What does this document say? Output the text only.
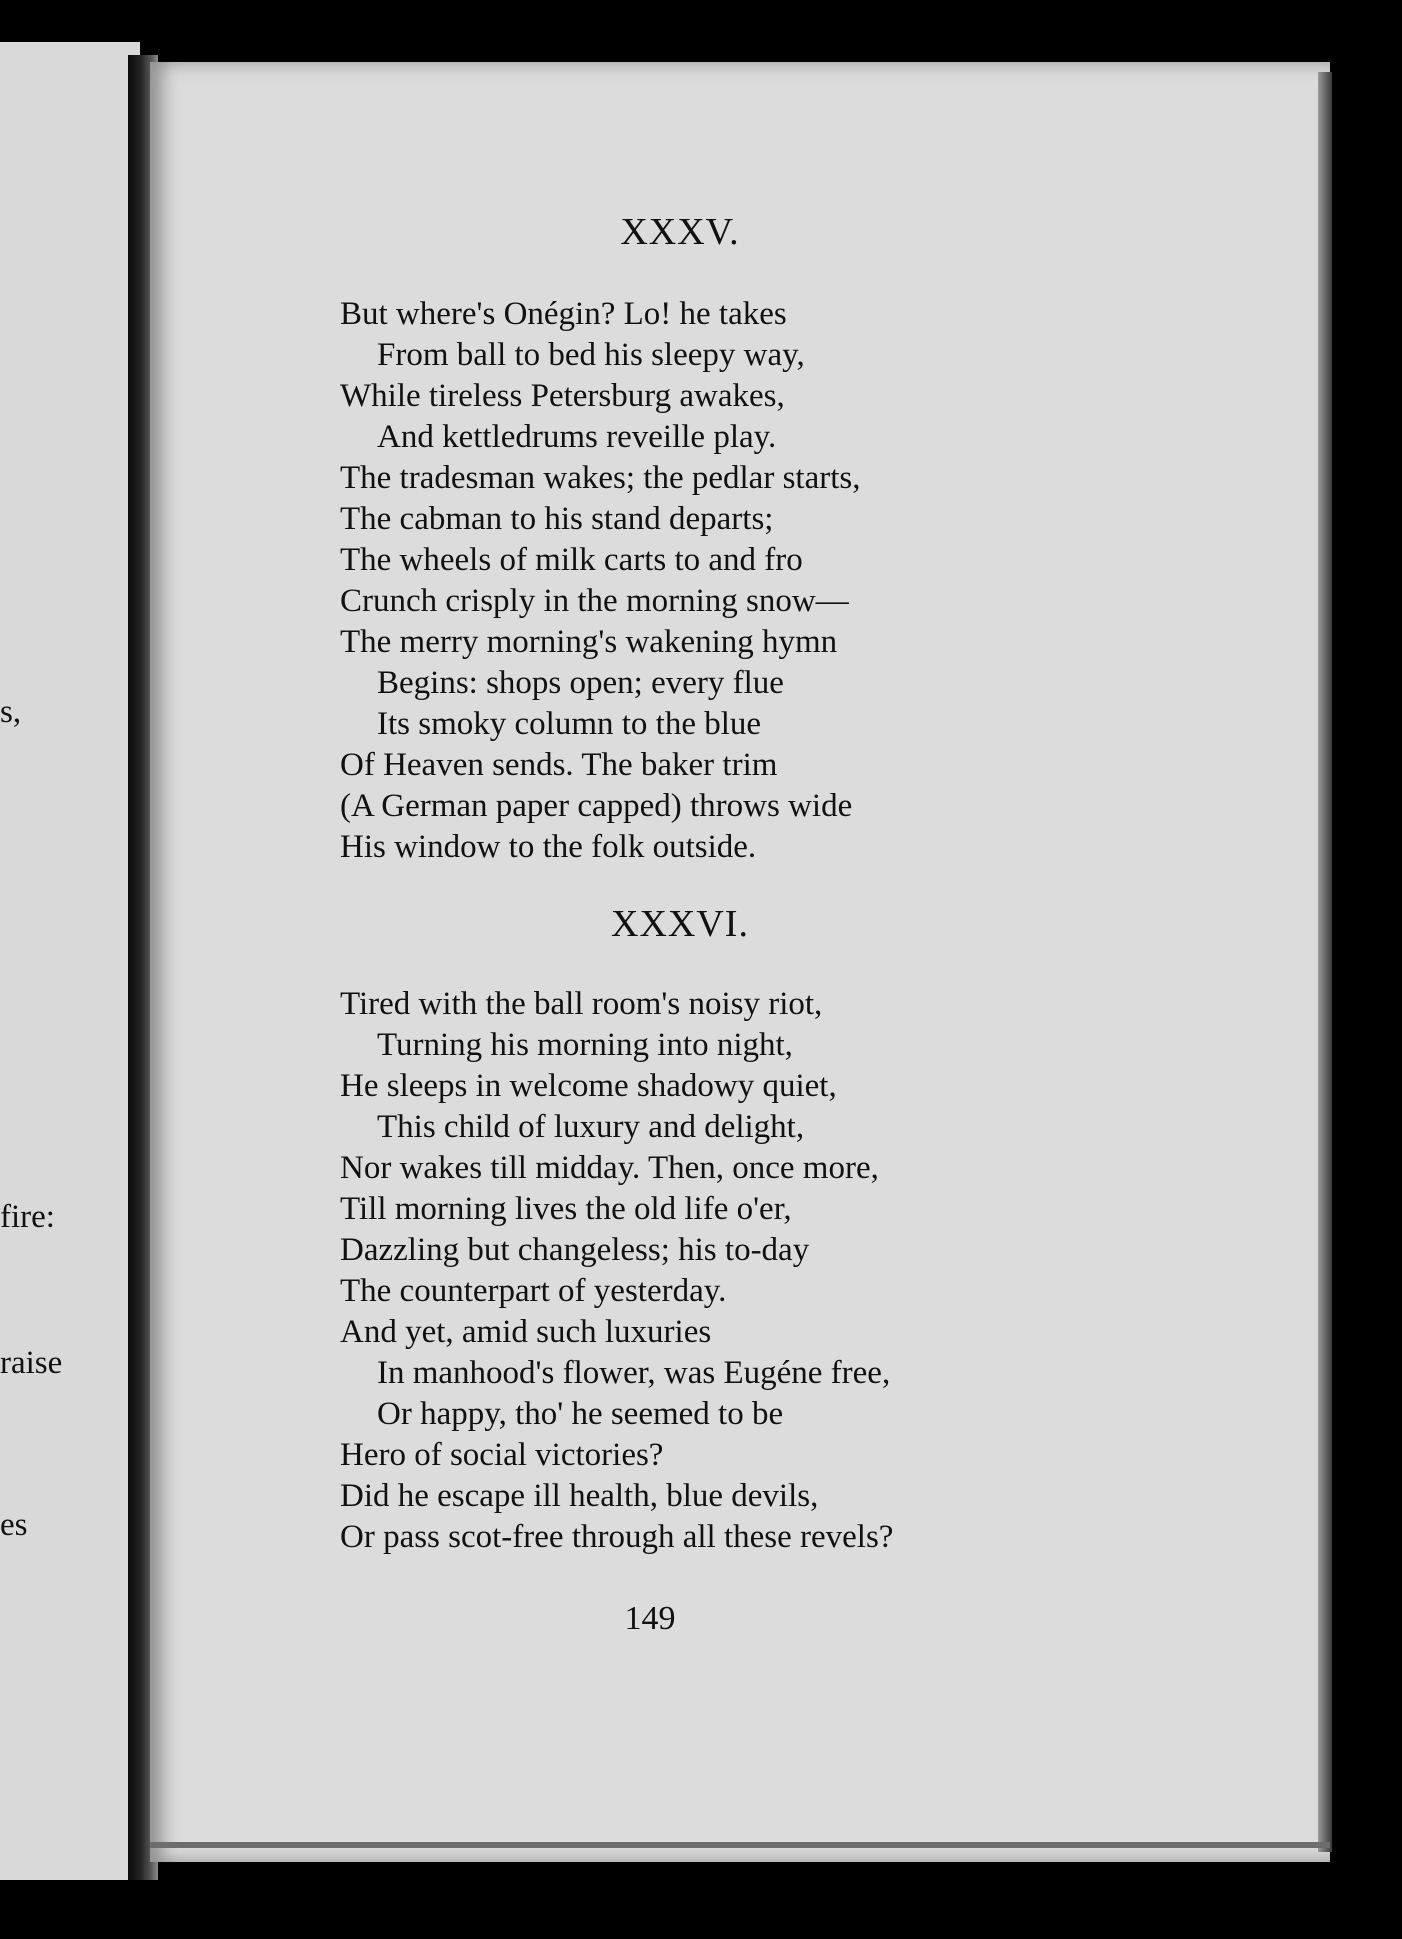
s,
fire:
raise
es
XXXV.
But where's Onégin? Lo! he takes
From ball to bed his sleepy way,
While tireless Petersburg awakes,
And kettledrums reveille play.
The tradesman wakes; the pedlar starts,
The cabman to his stand departs;
The wheels of milk carts to and fro
Crunch crisply in the morning snow—
The merry morning's wakening hymn
Begins: shops open; every flue
Its smoky column to the blue
Of Heaven sends. The baker trim
(A German paper capped) throws wide
His window to the folk outside.
XXXVI.
Tired with the ball room's noisy riot,
Turning his morning into night,
He sleeps in welcome shadowy quiet,
This child of luxury and delight,
Nor wakes till midday. Then, once more,
Till morning lives the old life o'er,
Dazzling but changeless; his to-day
The counterpart of yesterday.
And yet, amid such luxuries
In manhood's flower, was Eugéne free,
Or happy, tho' he seemed to be
Hero of social victories?
Did he escape ill health, blue devils,
Or pass scot-free through all these revels?
149
